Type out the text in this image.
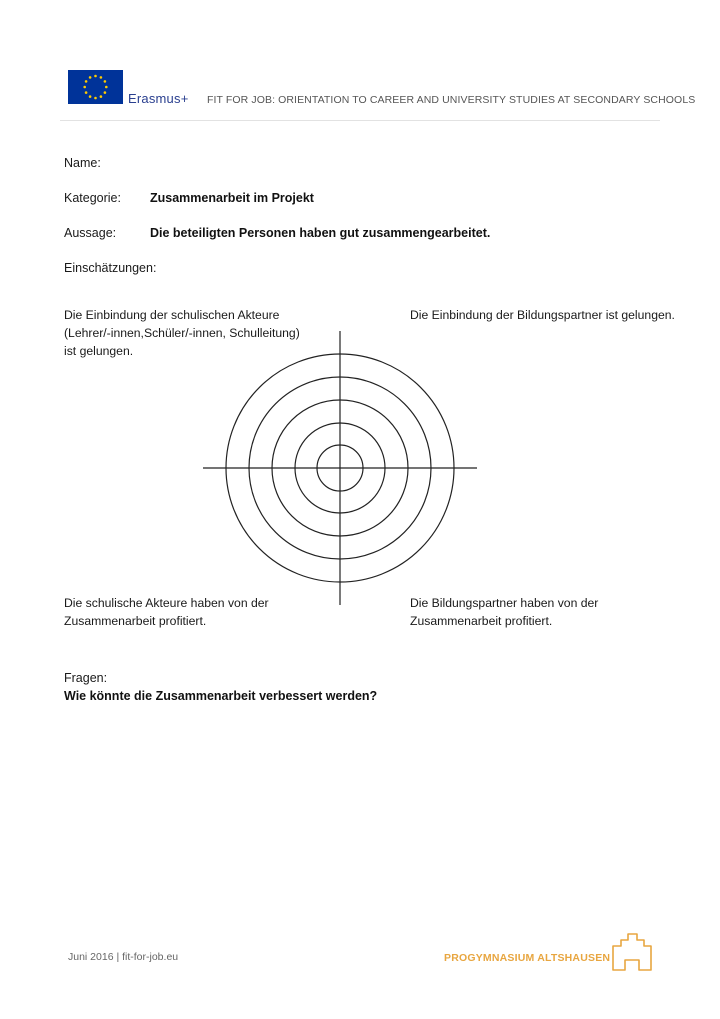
Erasmus+ FIT FOR JOB: ORIENTATION TO CAREER AND UNIVERSITY STUDIES AT SECONDARY SCHOOLS
Name:
Kategorie: Zusammenarbeit im Projekt
Aussage:	Die beteiligten Personen haben gut zusammengearbeitet.
Einschätzungen:
Die Einbindung der schulischen Akteure
(Lehrer/-innen,Schüler/-innen, Schulleitung)
ist gelungen.
Die Einbindung der Bildungspartner ist gelungen.
Die schulische Akteure haben von der
Zusammenarbeit profitiert.
Die Bildungspartner haben von der
Zusammenarbeit profitiert.
Fragen:
Wie könnte die Zusammenarbeit verbessert werden?
Juni 2016 | fit-for-job.eu	PROGYMNASIUM ALTSHAUSEN
